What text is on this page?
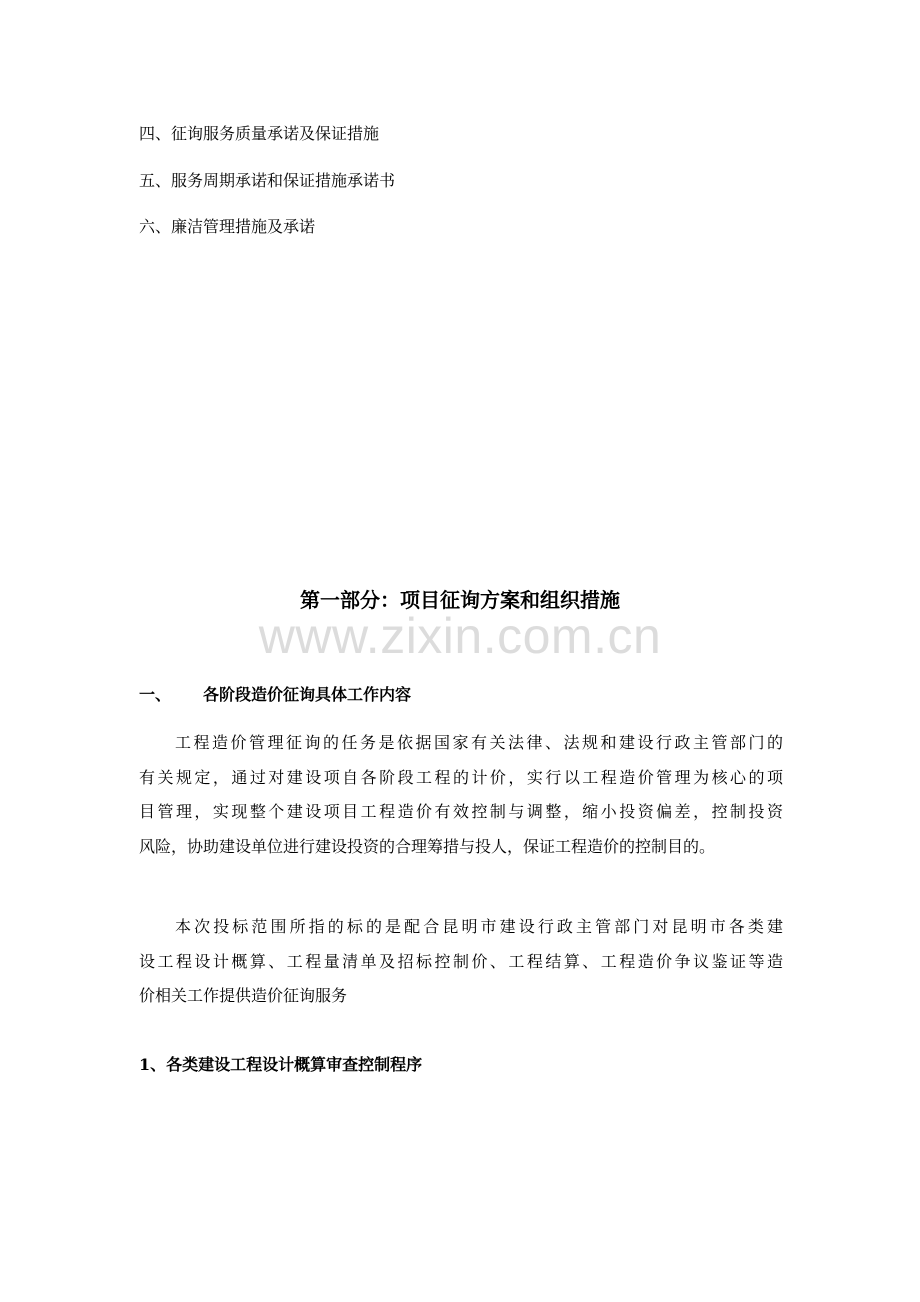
四、征询服务质量承诺及保证措施
五、服务周期承诺和保证措施承诺书
六、廉洁管理措施及承诺
第一部分：项目征询方案和组织措施
www.zixin.com.cn
一、 各阶段造价征询具体工作内容
工程造价管理征询的任务是依据国家有关法律、法规和建设行政主管部门的
有关规定，通过对建设项自各阶段工程的计价，实行以工程造价管理为核心的项
目管理，实现整个建设项目工程造价有效控制与调整，缩小投资偏差，控制投资
风险，协助建设单位进行建设投资的合理筹措与投人，保证工程造价的控制目的。
本次投标范围所指的标的是配合昆明市建设行政主管部门对昆明市各类建
设工程设计概算、工程量清单及招标控制价、工程结算、工程造价争议鉴证等造
价相关工作提供造价征询服务
1、各类建设工程设计概算审查控制程序
